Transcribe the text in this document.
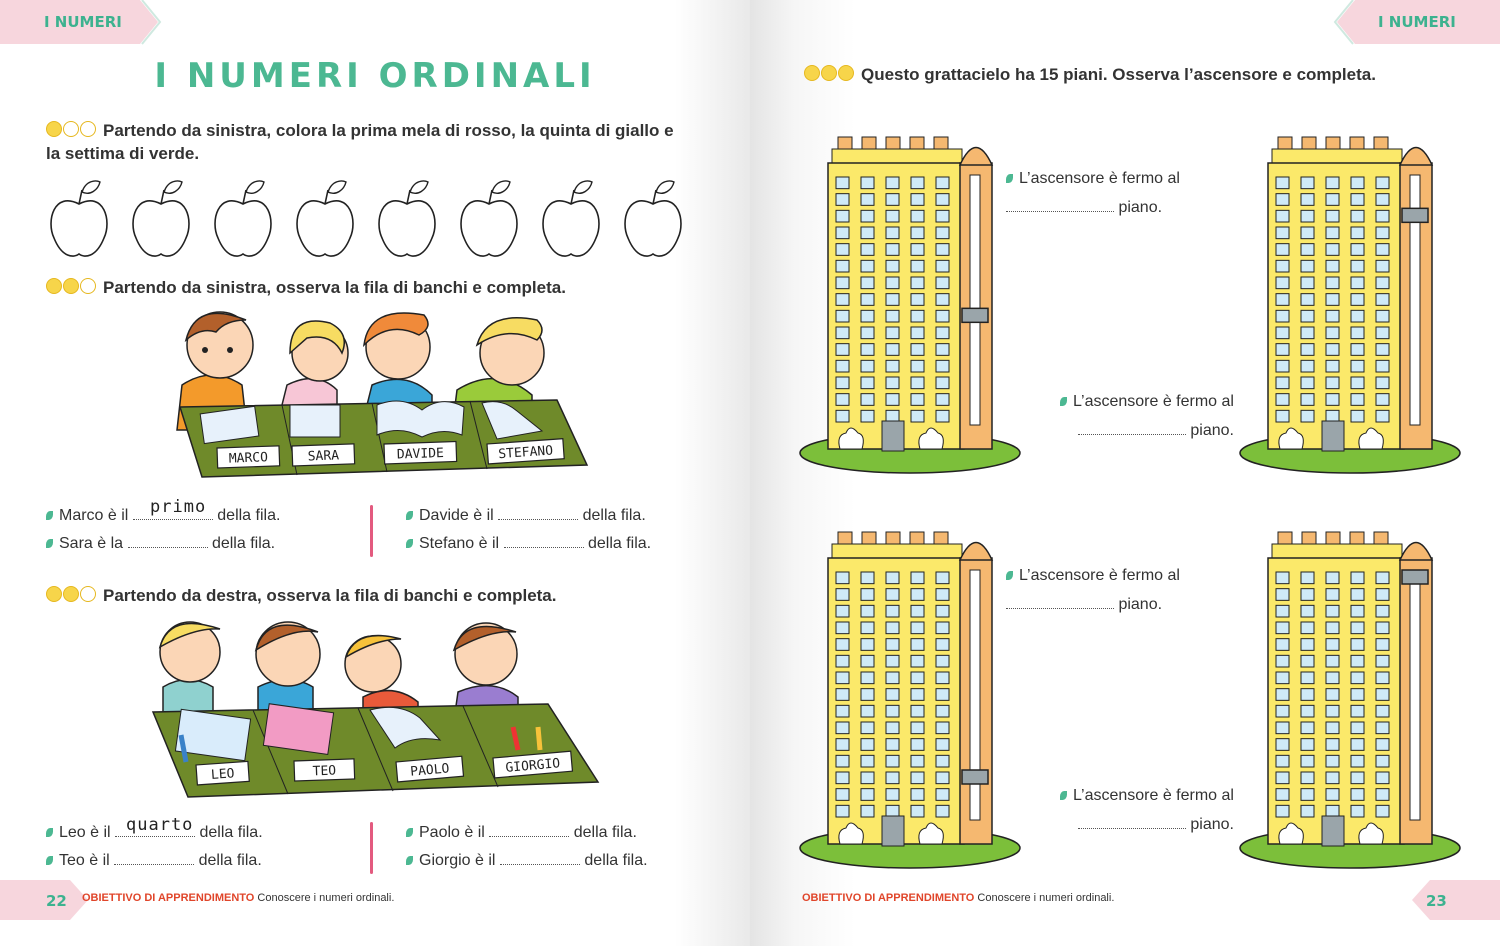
I NUMERI
I NUMERI ORDINALI
Partendo da sinistra, colora la prima mela di rosso, la quinta di giallo e la settima di verde.
Partendo da sinistra, osserva la fila di banchi e completa.
MARCO	SARA	DAVIDE	STEFANO
Marco è il	della fila.
primo
Sara è la	della fila.
Davide è il	della fila.
Stefano è il	della fila.
Partendo da destra, osserva la fila di banchi e completa.
LEO	TEO	PAOLO	GIORGIO
Leo è il	della fila.
quarto
Teo è il	della fila.
Paolo è il	della fila.
Giorgio è il	della fila.
22 OBIETTIVO DI APPRENDIMENTO Conoscere i numeri ordinali.
I NUMERI
Questo grattacielo ha 15 piani. Osserva l’ascensore e completa.
L’ascensore è fermo al
piano.
L’ascensore è fermo al
piano.
L’ascensore è fermo al
piano.
L’ascensore è fermo al
piano.
OBIETTIVO DI APPRENDIMENTO Conoscere i numeri ordinali.	23
